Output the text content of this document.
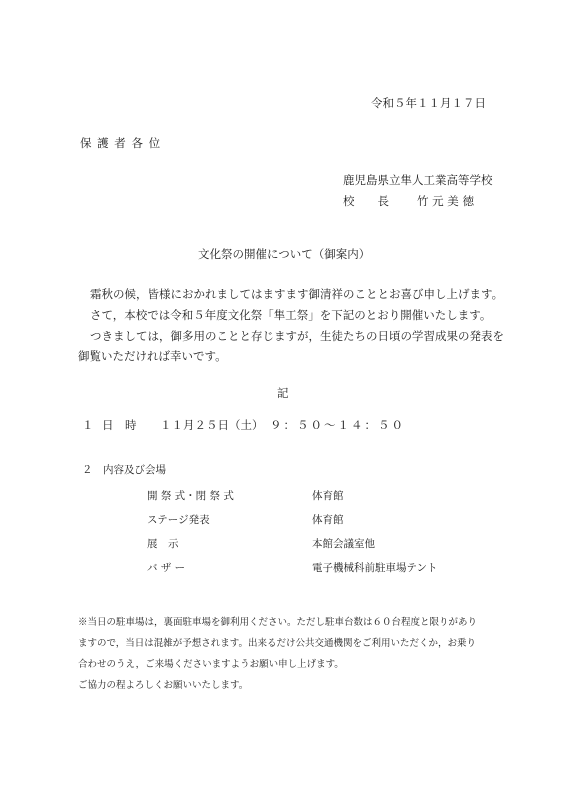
令和５年１１月１７日
保 護 者 各 位
鹿児島県立隼人工業高等学校
校　　長 竹 元 美 徳
文化祭の開催について（御案内）
霜秋の候，皆様におかれましてはますます御清祥のこととお喜び申し上げます。
さて，本校では令和５年度文化祭「隼工祭」を下記のとおり開催いたします。
つきましては，御多用のことと存じますが，生徒たちの日頃の学習成果の発表を
御覧いただければ幸いです。
記
１ 日　時 １１月２５日（土） ９：５０～１４：５０
２　内容及び会場
開 祭 式・閉 祭 式	体育館
ステージ発表	体育館
展　示	本館会議室他
バ ザ ー	電子機械科前駐車場テント
※当日の駐車場は，裏面駐車場を御利用ください。ただし駐車台数は６０台程度と限りがあり
ますので，当日は混雑が予想されます。出来るだけ公共交通機関をご利用いただくか，お乗り
合わせのうえ，ご来場くださいますようお願い申し上げます。
ご協力の程よろしくお願いいたします。
